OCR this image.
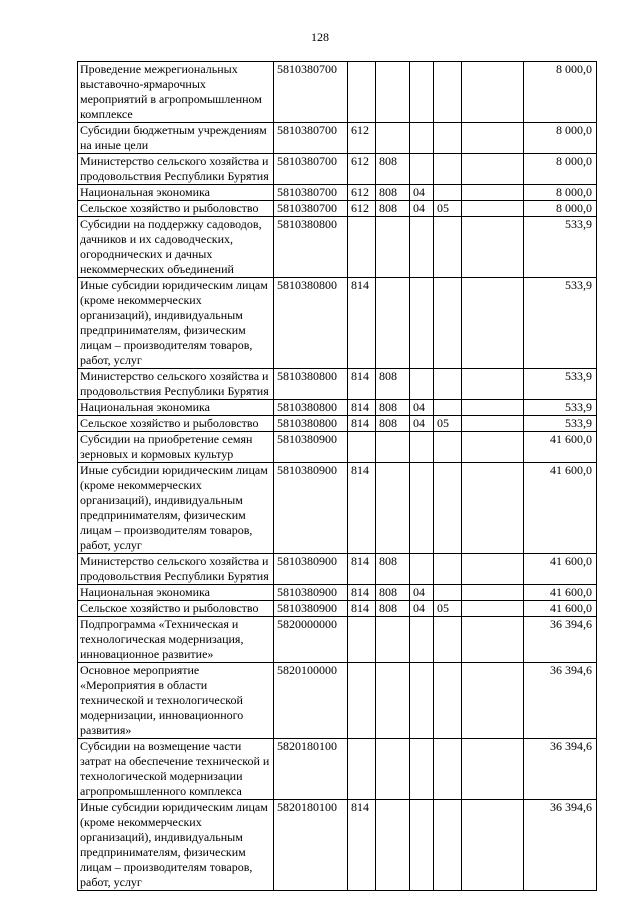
128
Проведение межрегиональных выставочно-ярмарочных мероприятий в агропромышленном комплексе	5810380700						8 000,0
Субсидии бюджетным учреждениям на иные цели	5810380700	612					8 000,0
Министерство сельского хозяйства и продовольствия Республики Бурятия	5810380700	612	808				8 000,0
Национальная экономика	5810380700	612	808	04			8 000,0
Сельское хозяйство и рыболовство	5810380700	612	808	04	05		8 000,0
Субсидии на поддержку садоводов, дачников и их садоводческих, огороднических и дачных некоммерческих объединений	5810380800						533,9
Иные субсидии юридическим лицам (кроме некоммерческих организаций), индивидуальным предпринимателям, физическим лицам – производителям товаров, работ, услуг	5810380800	814					533,9
Министерство сельского хозяйства и продовольствия Республики Бурятия	5810380800	814	808				533,9
Национальная экономика	5810380800	814	808	04			533,9
Сельское хозяйство и рыболовство	5810380800	814	808	04	05		533,9
Субсидии на приобретение семян зерновых и кормовых культур	5810380900						41 600,0
Иные субсидии юридическим лицам (кроме некоммерческих организаций), индивидуальным предпринимателям, физическим лицам – производителям товаров, работ, услуг	5810380900	814					41 600,0
Министерство сельского хозяйства и продовольствия Республики Бурятия	5810380900	814	808				41 600,0
Национальная экономика	5810380900	814	808	04			41 600,0
Сельское хозяйство и рыболовство	5810380900	814	808	04	05		41 600,0
Подпрограмма «Техническая и технологическая модернизация, инновационное развитие»	5820000000						36 394,6
Основное мероприятие «Мероприятия в области технической и технологической модернизации, инновационного развития»	5820100000						36 394,6
Субсидии на возмещение части затрат на обеспечение технической и технологической модернизации агропромышленного комплекса	5820180100						36 394,6
Иные субсидии юридическим лицам (кроме некоммерческих организаций), индивидуальным предпринимателям, физическим лицам – производителям товаров, работ, услуг	5820180100	814					36 394,6
